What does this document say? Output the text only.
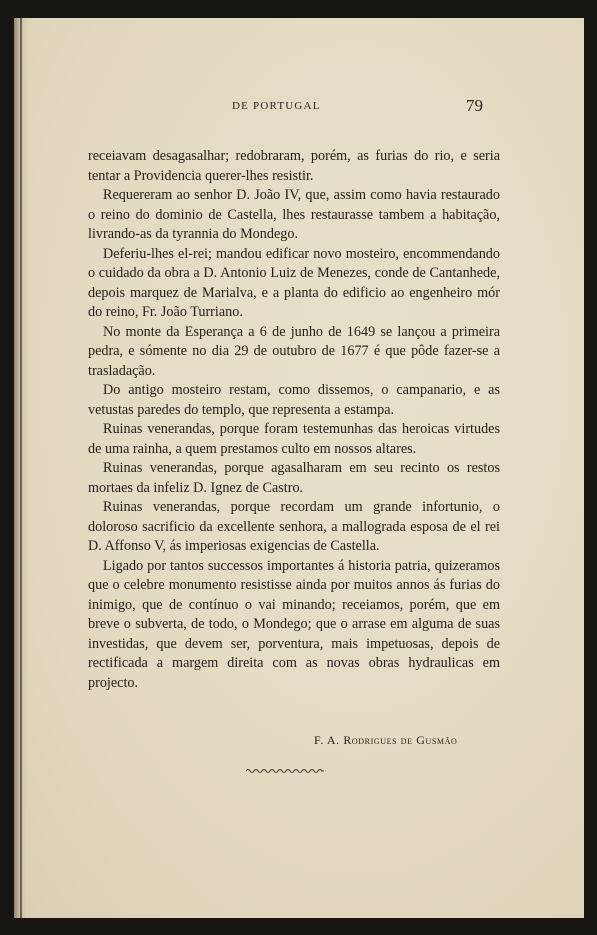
DE PORTUGAL	79

receiavam desagasalhar; redobraram, porém, as furias do rio, e seria tentar a Providencia querer-lhes resistir.

Requereram ao senhor D. João IV, que, assim como havia restaurado o reino do dominio de Castella, lhes restaurasse tambem a habitação, livrando-as da tyrannia do Mondego.

Deferiu-lhes el-rei; mandou edificar novo mosteiro, encommendando o cuidado da obra a D. Antonio Luiz de Menezes, conde de Cantanhede, depois marquez de Marialva, e a planta do edificio ao engenheiro mór do reino, Fr. João Turriano.

No monte da Esperança a 6 de junho de 1649 se lançou a primeira pedra, e sómente no dia 29 de outubro de 1677 é que pôde fazer-se a trasladação.

Do antigo mosteiro restam, como dissemos, o campanario, e as vetustas paredes do templo, que representa a estampa.

Ruinas venerandas, porque foram testemunhas das heroicas virtudes de uma rainha, a quem prestamos culto em nossos altares.

Ruinas venerandas, porque agasalharam em seu recinto os restos mortaes da infeliz D. Ignez de Castro.

Ruinas venerandas, porque recordam um grande infortunio, o doloroso sacrificio da excellente senhora, a mallograda esposa de el rei D. Affonso V, ás imperiosas exigencias de Castella.

Ligado por tantos successos importantes á historia patria, quizeramos que o celebre monumento resistisse ainda por muitos annos ás furias do inimigo, que de contínuo o vai minando; receiamos, porém, que em breve o subverta, de todo, o Mondego; que o arrase em alguma de suas investidas, que devem ser, porventura, mais impetuosas, depois de rectificada a margem direita com as novas obras hydraulicas em projecto.

F. A. Rodrigues de Gusmão
